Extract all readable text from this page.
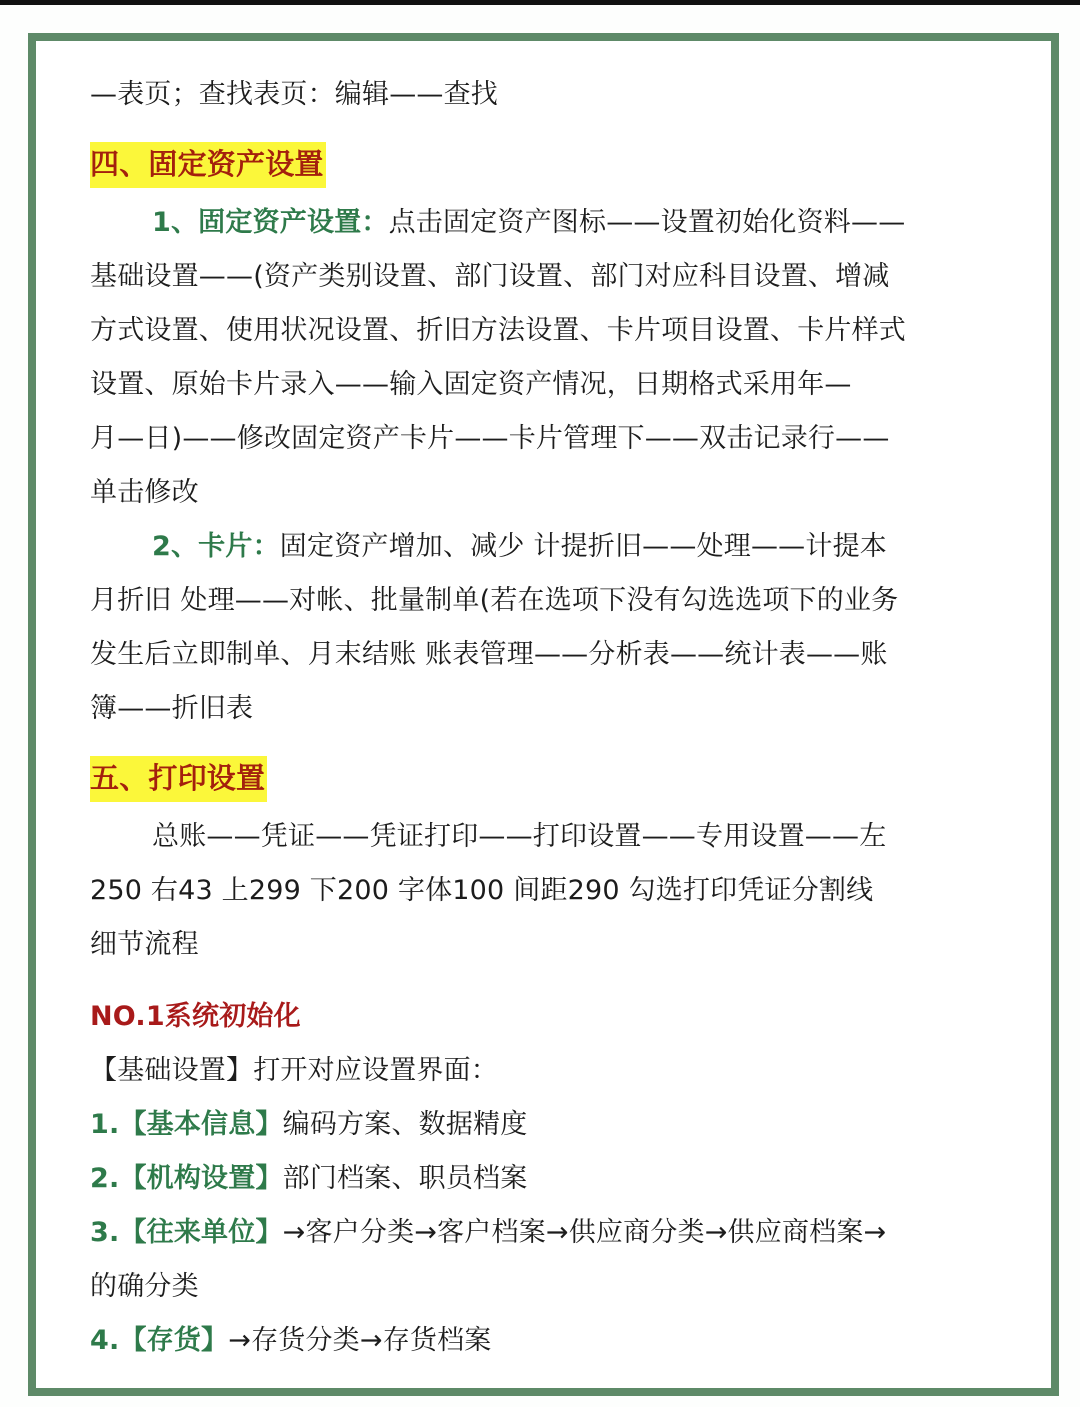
—表页；查找表页：编辑——查找
四、固定资产设置
1、固定资产设置：点击固定资产图标——设置初始化资料——
基础设置——(资产类别设置、部门设置、部门对应科目设置、增减
方式设置、使用状况设置、折旧方法设置、卡片项目设置、卡片样式
设置、原始卡片录入——输入固定资产情况，日期格式采用年—
月—日)——修改固定资产卡片——卡片管理下——双击记录行——
单击修改
2、卡片：固定资产增加、减少 计提折旧——处理——计提本
月折旧 处理——对帐、批量制单(若在选项下没有勾选选项下的业务
发生后立即制单、月末结账 账表管理——分析表——统计表——账
簿——折旧表
五、打印设置
总账——凭证——凭证打印——打印设置——专用设置——左
250 右43 上299 下200 字体100 间距290 勾选打印凭证分割线
细节流程
NO.1系统初始化
【基础设置】打开对应设置界面：
1.【基本信息】编码方案、数据精度
2.【机构设置】部门档案、职员档案
3.【往来单位】→客户分类→客户档案→供应商分类→供应商档案→
的确分类
4.【存货】→存货分类→存货档案
